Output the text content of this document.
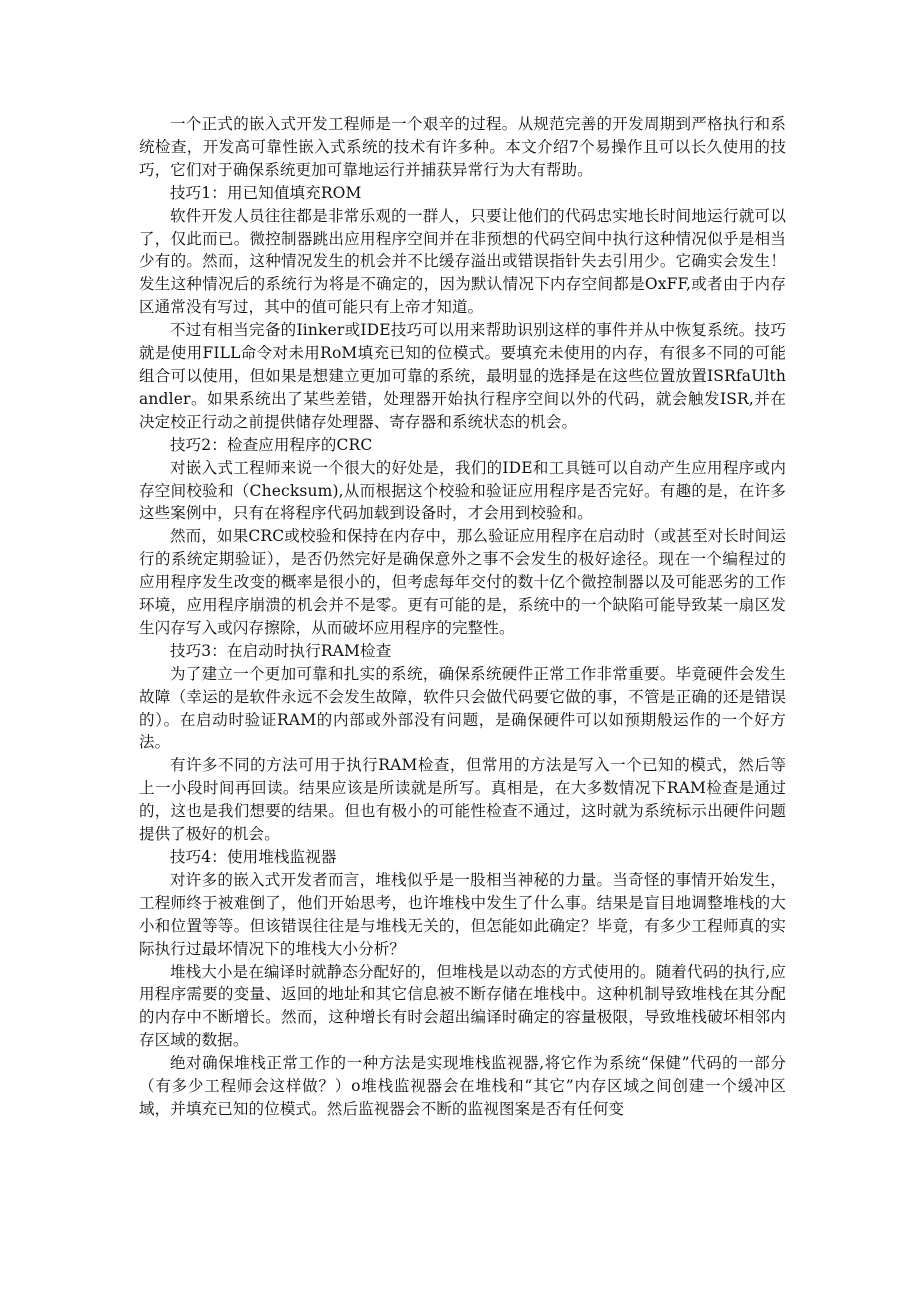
一个正式的嵌入式开发工程师是一个艰辛的过程。从规范完善的开发周期到严格执行和系统检查，开发高可靠性嵌入式系统的技术有许多种。本文介绍7个易操作且可以长久使用的技巧，它们对于确保系统更加可靠地运行并捕获异常行为大有帮助。

技巧1：用已知值填充ROM

软件开发人员往往都是非常乐观的一群人，只要让他们的代码忠实地长时间地运行就可以了，仅此而已。微控制器跳出应用程序空间并在非预想的代码空间中执行这种情况似乎是相当少有的。然而，这种情况发生的机会并不比缓存溢出或错误指针失去引用少。它确实会发生！发生这种情况后的系统行为将是不确定的，因为默认情况下内存空间都是OxFF,或者由于内存区通常没有写过，其中的值可能只有上帝才知道。

不过有相当完备的Iinker或IDE技巧可以用来帮助识别这样的事件并从中恢复系统。技巧就是使用FILL命令对未用RoM填充已知的位模式。要填充未使用的内存，有很多不同的可能组合可以使用，但如果是想建立更加可靠的系统，最明显的选择是在这些位置放置ISRfaUlthandler。如果系统出了某些差错，处理器开始执行程序空间以外的代码，就会触发ISR,并在决定校正行动之前提供储存处理器、寄存器和系统状态的机会。

技巧2：检查应用程序的CRC

对嵌入式工程师来说一个很大的好处是，我们的IDE和工具链可以自动产生应用程序或内存空间校验和（Checksum),从而根据这个校验和验证应用程序是否完好。有趣的是，在许多这些案例中，只有在将程序代码加载到设备时，才会用到校验和。

然而，如果CRC或校验和保持在内存中，那么验证应用程序在启动时（或甚至对长时间运行的系统定期验证），是否仍然完好是确保意外之事不会发生的极好途径。现在一个编程过的应用程序发生改变的概率是很小的，但考虑每年交付的数十亿个微控制器以及可能恶劣的工作环境，应用程序崩溃的机会并不是零。更有可能的是，系统中的一个缺陷可能导致某一扇区发生闪存写入或闪存擦除，从而破坏应用程序的完整性。

技巧3：在启动时执行RAM检查

为了建立一个更加可靠和扎实的系统，确保系统硬件正常工作非常重要。毕竟硬件会发生故障（幸运的是软件永远不会发生故障，软件只会做代码要它做的事，不管是正确的还是错误的）。在启动时验证RAM的内部或外部没有问题，是确保硬件可以如预期般运作的一个好方法。

有许多不同的方法可用于执行RAM检查，但常用的方法是写入一个已知的模式，然后等上一小段时间再回读。结果应该是所读就是所写。真相是，在大多数情况下RAM检查是通过的，这也是我们想要的结果。但也有极小的可能性检查不通过，这时就为系统标示出硬件问题提供了极好的机会。

技巧4：使用堆栈监视器

对许多的嵌入式开发者而言，堆栈似乎是一股相当神秘的力量。当奇怪的事情开始发生，工程师终于被难倒了，他们开始思考，也许堆栈中发生了什么事。结果是盲目地调整堆栈的大小和位置等等。但该错误往往是与堆栈无关的，但怎能如此确定？毕竟，有多少工程师真的实际执行过最坏情况下的堆栈大小分析？

堆栈大小是在编译时就静态分配好的，但堆栈是以动态的方式使用的。随着代码的执行,应用程序需要的变量、返回的地址和其它信息被不断存储在堆栈中。这种机制导致堆栈在其分配的内存中不断增长。然而，这种增长有时会超出编译时确定的容量极限，导致堆栈破坏相邻内存区域的数据。

绝对确保堆栈正常工作的一种方法是实现堆栈监视器,将它作为系统“保健”代码的一部分（有多少工程师会这样做？）o堆栈监视器会在堆栈和“其它”内存区域之间创建一个缓冲区域，并填充已知的位模式。然后监视器会不断的监视图案是否有任何变
